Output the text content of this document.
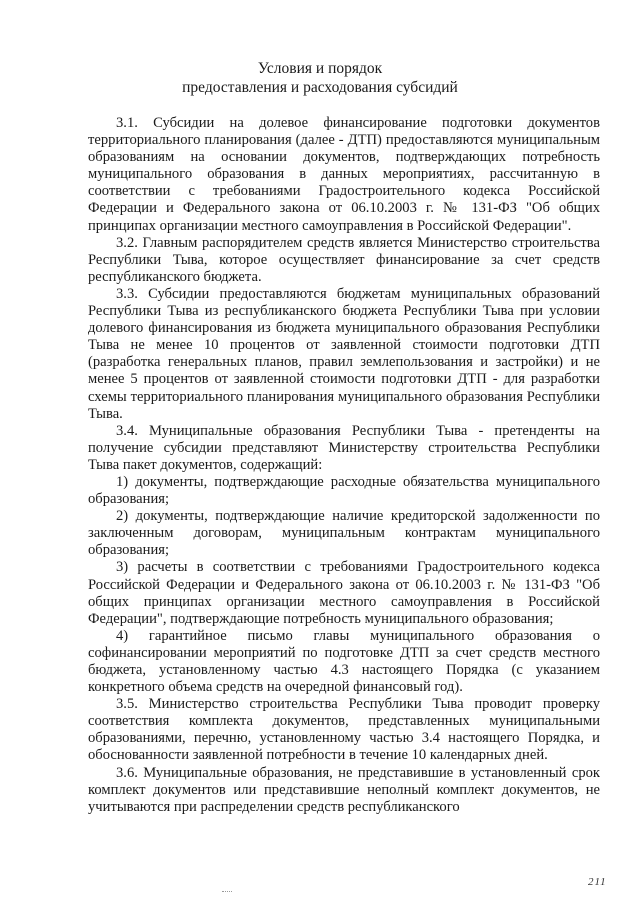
Условия и порядок
предоставления и расходования субсидий

3.1. Субсидии на долевое финансирование подготовки документов территориального планирования (далее - ДТП) предоставляются муниципальным образованиям на основании документов, подтверждающих потребность муниципального образования в данных мероприятиях, рассчитанную в соответствии с требованиями Градостроительного кодекса Российской Федерации и Федерального закона от 06.10.2003 г. № 131-ФЗ "Об общих принципах организации местного самоуправления в Российской Федерации".

3.2. Главным распорядителем средств является Министерство строительства Республики Тыва, которое осуществляет финансирование за счет средств республиканского бюджета.

3.3. Субсидии предоставляются бюджетам муниципальных образований Республики Тыва из республиканского бюджета Республики Тыва при условии долевого финансирования из бюджета муниципального образования Республики Тыва не менее 10 процентов от заявленной стоимости подготовки ДТП (разработка генеральных планов, правил землепользования и застройки) и не менее 5 процентов от заявленной стоимости подготовки ДТП - для разработки схемы территориального планирования муниципального образования Республики Тыва.

3.4. Муниципальные образования Республики Тыва - претенденты на получение субсидии представляют Министерству строительства Республики Тыва пакет документов, содержащий:

1) документы, подтверждающие расходные обязательства муниципального образования;

2) документы, подтверждающие наличие кредиторской задолженности по заключенным договорам, муниципальным контрактам муниципального образования;

3) расчеты в соответствии с требованиями Градостроительного кодекса Российской Федерации и Федерального закона от 06.10.2003 г. № 131-ФЗ "Об общих принципах организации местного самоуправления в Российской Федерации", подтверждающие потребность муниципального образования;

4) гарантийное письмо главы муниципального образования о софинансировании мероприятий по подготовке ДТП за счет средств местного бюджета, установленному частью 4.3 настоящего Порядка (с указанием конкретного объема средств на очередной финансовый год).

3.5. Министерство строительства Республики Тыва проводит проверку соответствия комплекта документов, представленных муниципальными образованиями, перечню, установленному частью 3.4 настоящего Порядка, и обоснованности заявленной потребности в течение 10 календарных дней.

3.6. Муниципальные образования, не представившие в установленный срок комплект документов или представившие неполный комплект документов, не учитываются при распределении средств республиканского

211
